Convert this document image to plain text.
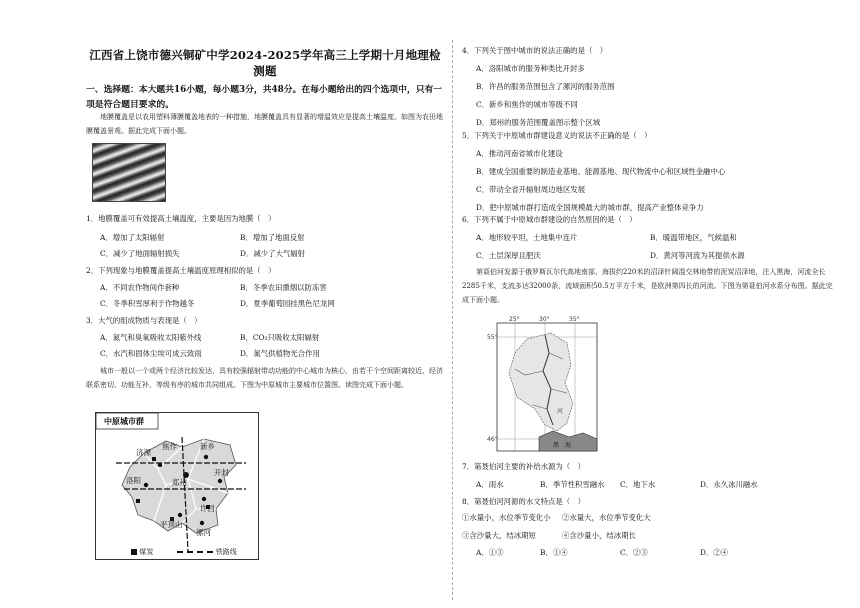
江西省上饶市德兴铜矿中学2024-2025学年高三上学期十月地理检测题
一、选择题：本大题共16小题，每小题3分，共48分。在每小题给出的四个选项中，只有一项是符合题目要求的。
地膜覆盖是以农用塑料薄膜覆盖地表的一种措施，地膜覆盖具有显著的增温效应是提高土壤温度。如图为农田地膜覆盖景观。据此完成下面小题。
1．地膜覆盖可有效提高土壤温度，主要是因为地膜（　）
A．增加了太阳辐射	B．增加了地面反射
C．减少了地面辐射损失	D．减少了大气辐射
2．下列现象与地膜覆盖提高土壤温度原理相似的是（　）
A．不同农作物间作套种	B．冬季农田熏烟以防冻害
C．冬季积雪厚利于作物越冬	D．夏季葡萄园挂黑色尼龙网
3．大气的组成物质与表现是（　）
A．氮气和臭氧吸收太阳紫外线	B．CO₂只吸收太阳辐射
C．水汽和固体尘埃可成云致雨	D．氮气供植物光合作用
城市一般以一个或两个经济比较发达、具有较强辐射带动功能的中心城市为核心，由若干个空间距离较近、经济联系密切、功能互补、等级有序的城市共同组成。下图为中原城市主要城市位置图。读图完成下面小题。
中原城市群
济源
焦作	新乡
洛阳	郑州
开封
许昌
平顶山
漯河
煤炭	铁路线
4．下列关于图中城市的说法正确的是（　）
A．洛阳城市的服务种类比开封多
B．许昌的服务范围包含了漯河的服务范围
C．新乡和焦作的城市等级不同
D．郑州的服务范围覆盖图示整个区域
5．下列关于中原城市群建设意义的说法不正确的是（　）
A．推动河南省城市化建设
B．建成全国重要的制造业基地、能源基地、现代物流中心和区域性金融中心
C．带动全省开辐射周边地区发展
D．把中原城市群打造成全国规模最大的城市群，提高产业整体竞争力
6．下列不属于中原城市群建设的自然原因的是（　）
A．地形较平坦，土地集中连片	B．暖温带地区，气候温和
C．土层深厚且肥沃	D．黄河等河流为其提供水源
第聂伯河发源于俄罗斯瓦尔代高地南部，海拔约220米的沼泽针阔混交林地带的泥炭沼泽地，注入黑海，河流全长2285千米，支流多达32000条，流域面积50.5万平方千米，是欧洲第四长的河流。下图为第聂伯河水系分布图。据此完成下面小题。
25°	30°	35°
55°
46°
河
黑　海
7．第聂伯河主要的补给水源为（　）
A．雨水	B．季节性积雪融水 C．地下水	D．永久冰川融水
8．第聂伯河河源的水文特点是（　）
①水量小，水位季节变化小 ②水量大，水位季节变化大
③含沙量大，结冰期短	④含沙量小，结冰期长
A．①③	B．①④	C．②③	D．②④
